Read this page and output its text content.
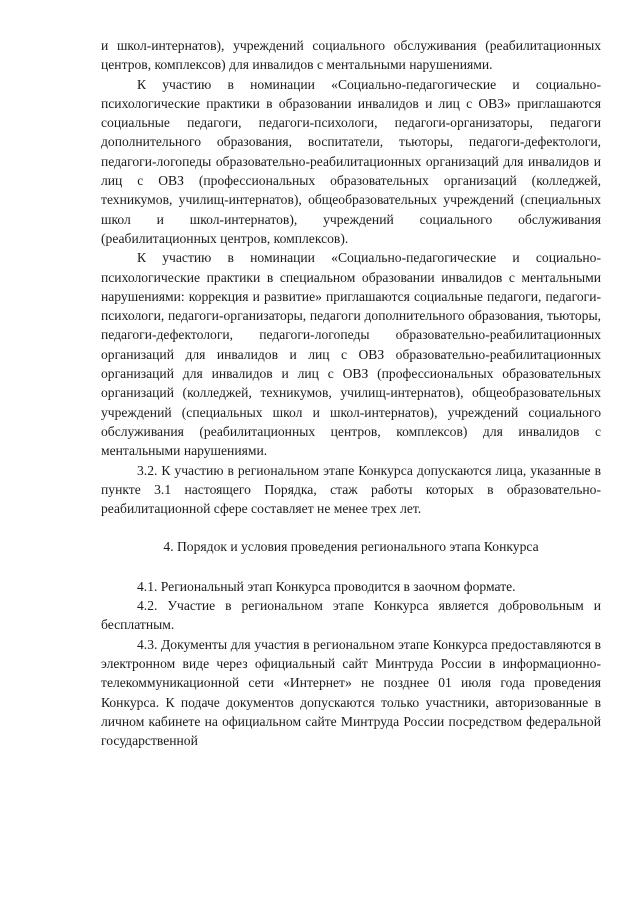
и школ-интернатов), учреждений социального обслуживания (реабилитационных центров, комплексов) для инвалидов с ментальными нарушениями.

К участию в номинации «Социально-педагогические и социально-психологические практики в образовании инвалидов и лиц с ОВЗ» приглашаются социальные педагоги, педагоги-психологи, педагоги-организаторы, педагоги дополнительного образования, воспитатели, тьюторы, педагоги-дефектологи, педагоги-логопеды образовательно-реабилитационных организаций для инвалидов и лиц с ОВЗ (профессиональных образовательных организаций (колледжей, техникумов, училищ-интернатов), общеобразовательных учреждений (специальных школ и школ-интернатов), учреждений социального обслуживания (реабилитационных центров, комплексов).

К участию в номинации «Социально-педагогические и социально-психологические практики в специальном образовании инвалидов с ментальными нарушениями: коррекция и развитие» приглашаются социальные педагоги, педагоги-психологи, педагоги-организаторы, педагоги дополнительного образования, тьюторы, педагоги-дефектологи, педагоги-логопеды образовательно-реабилитационных организаций для инвалидов и лиц с ОВЗ образовательно-реабилитационных организаций для инвалидов и лиц с ОВЗ (профессиональных образовательных организаций (колледжей, техникумов, училищ-интернатов), общеобразовательных учреждений (специальных школ и школ-интернатов), учреждений социального обслуживания (реабилитационных центров, комплексов) для инвалидов с ментальными нарушениями.

3.2. К участию в региональном этапе Конкурса допускаются лица, указанные в пункте 3.1 настоящего Порядка, стаж работы которых в образовательно-реабилитационной сфере составляет не менее трех лет.

4. Порядок и условия проведения регионального этапа Конкурса

4.1. Региональный этап Конкурса проводится в заочном формате.

4.2. Участие в региональном этапе Конкурса является добровольным и бесплатным.

4.3. Документы для участия в региональном этапе Конкурса предоставляются в электронном виде через официальный сайт Минтруда России в информационно-телекоммуникационной сети «Интернет» не позднее 01 июля года проведения Конкурса. К подаче документов допускаются только участники, авторизованные в личном кабинете на официальном сайте Минтруда России посредством федеральной государственной
